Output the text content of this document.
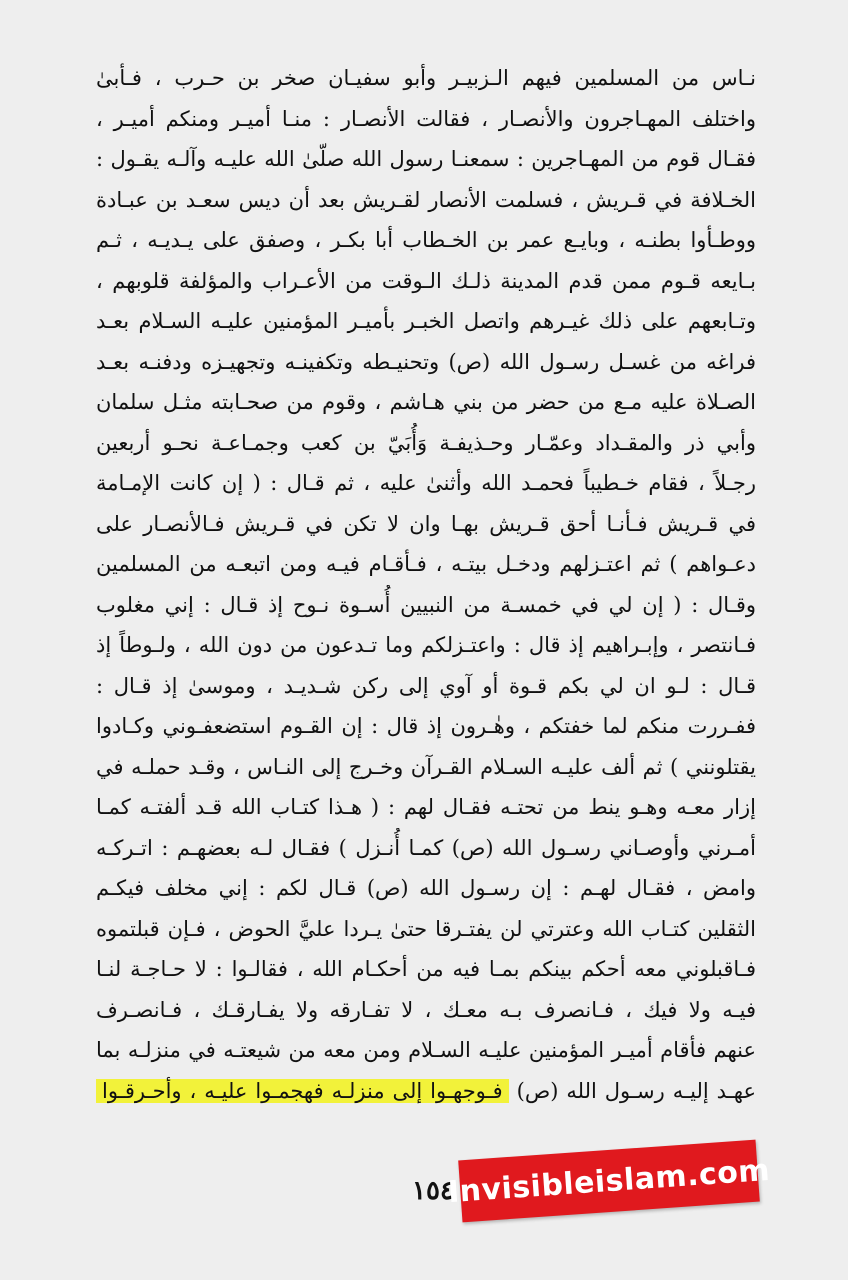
نـاس من المسلمين فيهم الـزبيـر وأبو سفيـان صخر بن حـرب ، فـأبىٰ
واختلف المهـاجرون والأنصـار ، فقالت الأنصـار : منـا أميـر ومنكم أميـر ،
فقـال قوم من المهـاجرين : سمعنـا رسول الله صلّىٰ الله عليـه وآلـه يقـول :
الخـلافة في قـريش ، فسلمت الأنصار لقـريش بعد أن ديس سعـد بن عبـادة
ووطـأوا بطنـه ، وبايـع عمر بن الخـطاب أبا بكـر ، وصفق على يـديـه ، ثـم
بـايعه قـوم ممن قدم المدينة ذلـك الـوقت من الأعـراب والمؤلفة قلوبهم ،
وتـابعهم على ذلك غيـرهم واتصل الخبـر بأميـر المؤمنين عليـه السـلام بعـد
فراغه من غسـل رسـول الله (ص) وتحنيـطه وتكفينـه وتجهيـزه ودفنـه بعـد
الصـلاة عليه مـع من حضر من بني هـاشم ، وقوم من صحـابته مثـل سلمان
وأبي ذر والمقـداد وعمّـار وحـذيفـة وَأُبَيّ بن كعب وجمـاعـة نحـو أربعين
رجـلاً ، فقام خـطيباً فحمـد الله وأثنىٰ عليه ، ثم قـال : ( إن كانت الإمـامة
في قـريش فـأنـا أحق قـريش بهـا وان لا تكن في قـريش فـالأنصـار على
دعـواهم ) ثم اعتـزلهم ودخـل بيتـه ، فـأقـام فيـه ومن اتبعـه من المسلمين
وقـال : ( إن لي في خمسـة من النبيين أُسـوة نـوح إذ قـال : إني مغلوب
فـانتصر ، وإبـراهيم إذ قال : واعتـزلكم وما تـدعون من دون الله ، ولـوطاً إذ
قـال : لـو ان لي بكم قـوة أو آوي إلى ركن شـديـد ، وموسىٰ إذ قـال :
ففـررت منكم لما خفتكم ، وهٰـرون إذ قال : إن القـوم استضعفـوني وكـادوا
يقتلونني ) ثم ألف عليـه السـلام القـرآن وخـرج إلى النـاس ، وقـد حملـه في
إزار معـه وهـو ينط من تحتـه فقـال لهم : ( هـذا كتـاب الله قـد ألفتـه كمـا
أمـرني وأوصـاني رسـول الله (ص) كمـا أُنـزل ) فقـال لـه بعضهـم : اتـركـه
وامض ، فقـال لهـم : إن رسـول الله (ص) قـال لكم : إني مخلف فيكـم
الثقلين كتـاب الله وعترتي لن يفتـرقا حتىٰ يـردا عليَّ الحوض ، فـإن قبلتموه
فـاقبلوني معه أحكم بينكم بمـا فيه من أحكـام الله ، فقالـوا : لا حـاجـة لنـا
فيـه ولا فيك ، فـانصرف بـه معـك ، لا تفـارقه ولا يفـارقـك ، فـانصـرف
عنهم فأقام أميـر المؤمنين عليـه السـلام ومن معه من شيعتـه في منزلـه بما
عهـد إليـه رسـول الله (ص) فـوجهـوا إلى منزلـه فهجمـوا عليـه ، وأحـرقـوا
١٥٤
Invisibleislam.com
